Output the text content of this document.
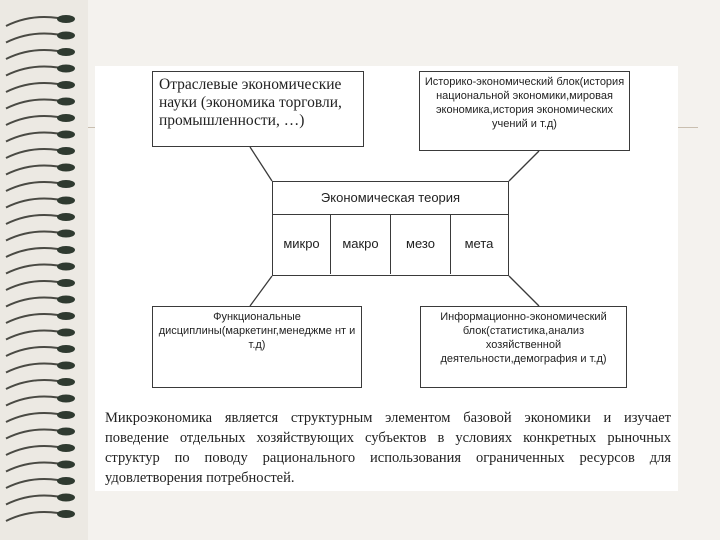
Отраслевые экономические науки (экономика торговли, промышленности, …)
Историко-экономический блок(история национальной экономики,мировая экономика,история экономических учений и т.д)
Экономическая теория
микро	макро	мезо	мета
Функциональные дисциплины(маркетинг,менеджме нт и т.д)
Информационно-экономический блок(статистика,анализ хозяйственной деятельности,демография и т.д)
Микроэкономика является структурным элементом базовой экономики и изучает поведение отдельных хозяйствующих субъектов в условиях конкретных рыночных структур по поводу рационального использования ограниченных ресурсов для удовлетворения потребностей.
